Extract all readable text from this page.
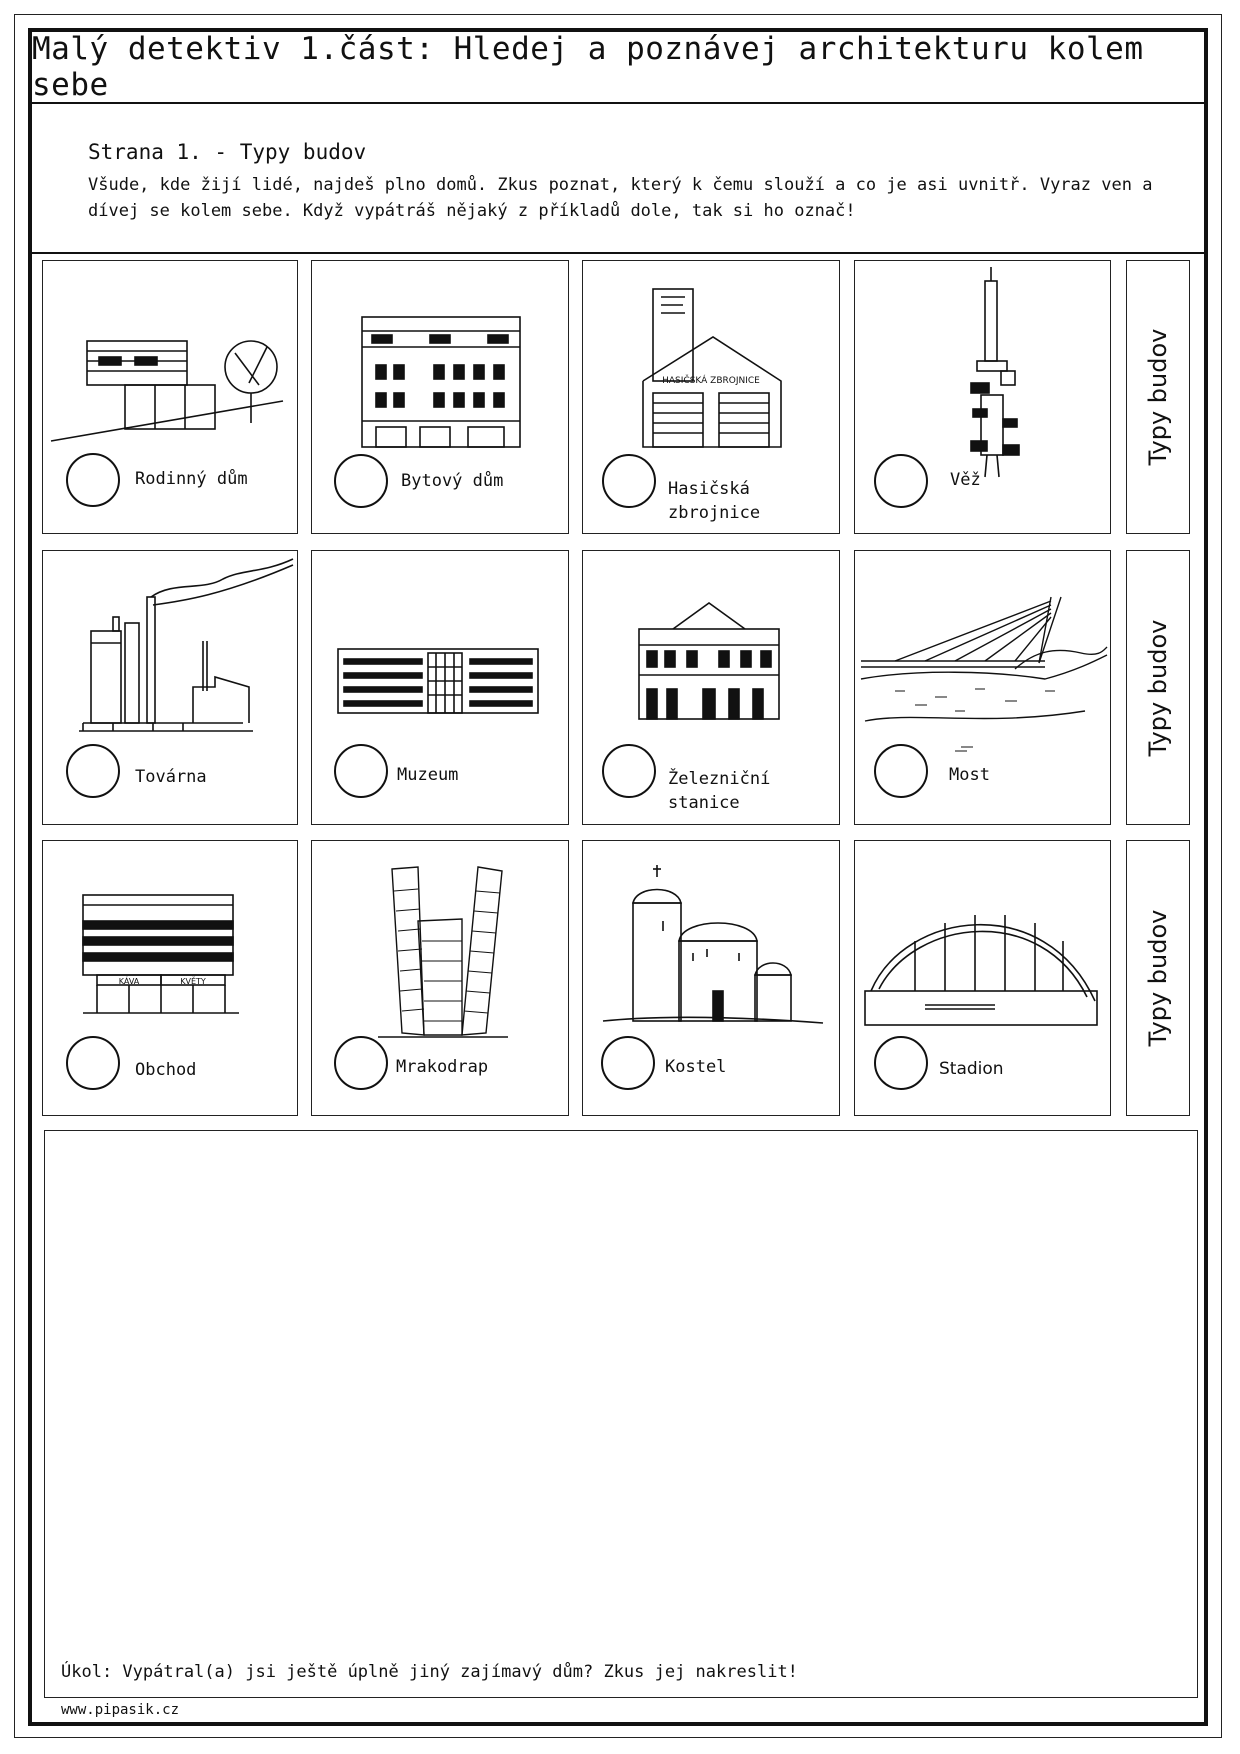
Malý detektiv 1.část: Hledej a poznávej architekturu kolem sebe
Strana 1. - Typy budov
Všude, kde žijí lidé, najdeš plno domů. Zkus poznat, který k čemu slouží a co je asi uvnitř. Vyraz ven a dívej se kolem sebe. Když vypátráš nějaký z příkladů dole, tak si ho označ!
Rodinný dům	Bytový dům
HASIČSKÁ ZBROJNICE
Hasičská zbrojnice
Věž
Továrna	Muzeum	Železniční stanice
Most
KÁVA	KVĚTY
Obchod	Mrakodrap	Kostel	Stadion
Typy budov
Typy budov
Typy budov
Úkol: Vypátral(a) jsi ještě úplně jiný zajímavý dům? Zkus jej nakreslit!
www.pipasik.cz
